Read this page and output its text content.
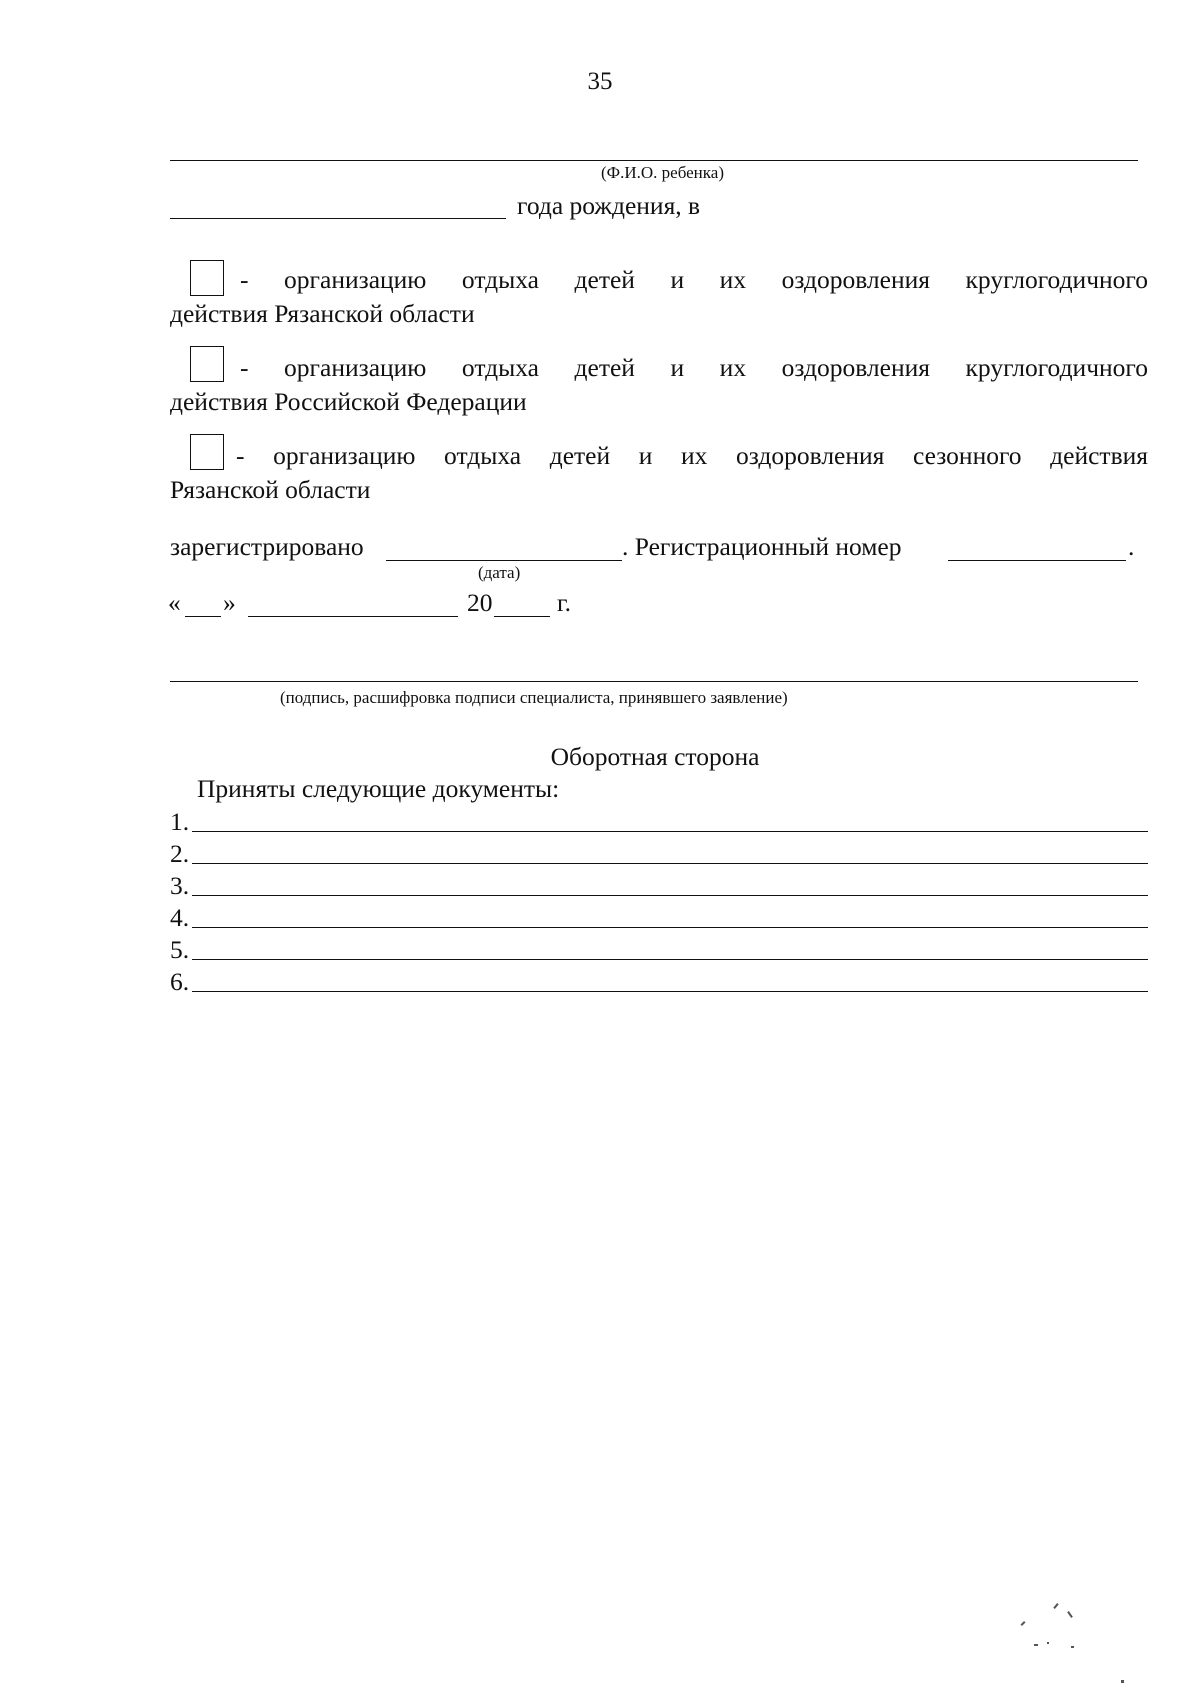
35
(Ф.И.О. ребенка)
года рождения, в
- организацию отдыха детей и их оздоровления круглогодичного
действия Рязанской области
- организацию отдыха детей и их оздоровления круглогодичного
действия Российской Федерации
- организацию отдыха детей и их оздоровления сезонного действия
Рязанской области
зарегистрировано	. Регистрационный номер	.
(дата)
« »	20	г.
(подпись, расшифровка подписи специалиста, принявшего заявление)
Оборотная сторона
Приняты следующие документы:
1.
2.
3.
4.
5.
6.
